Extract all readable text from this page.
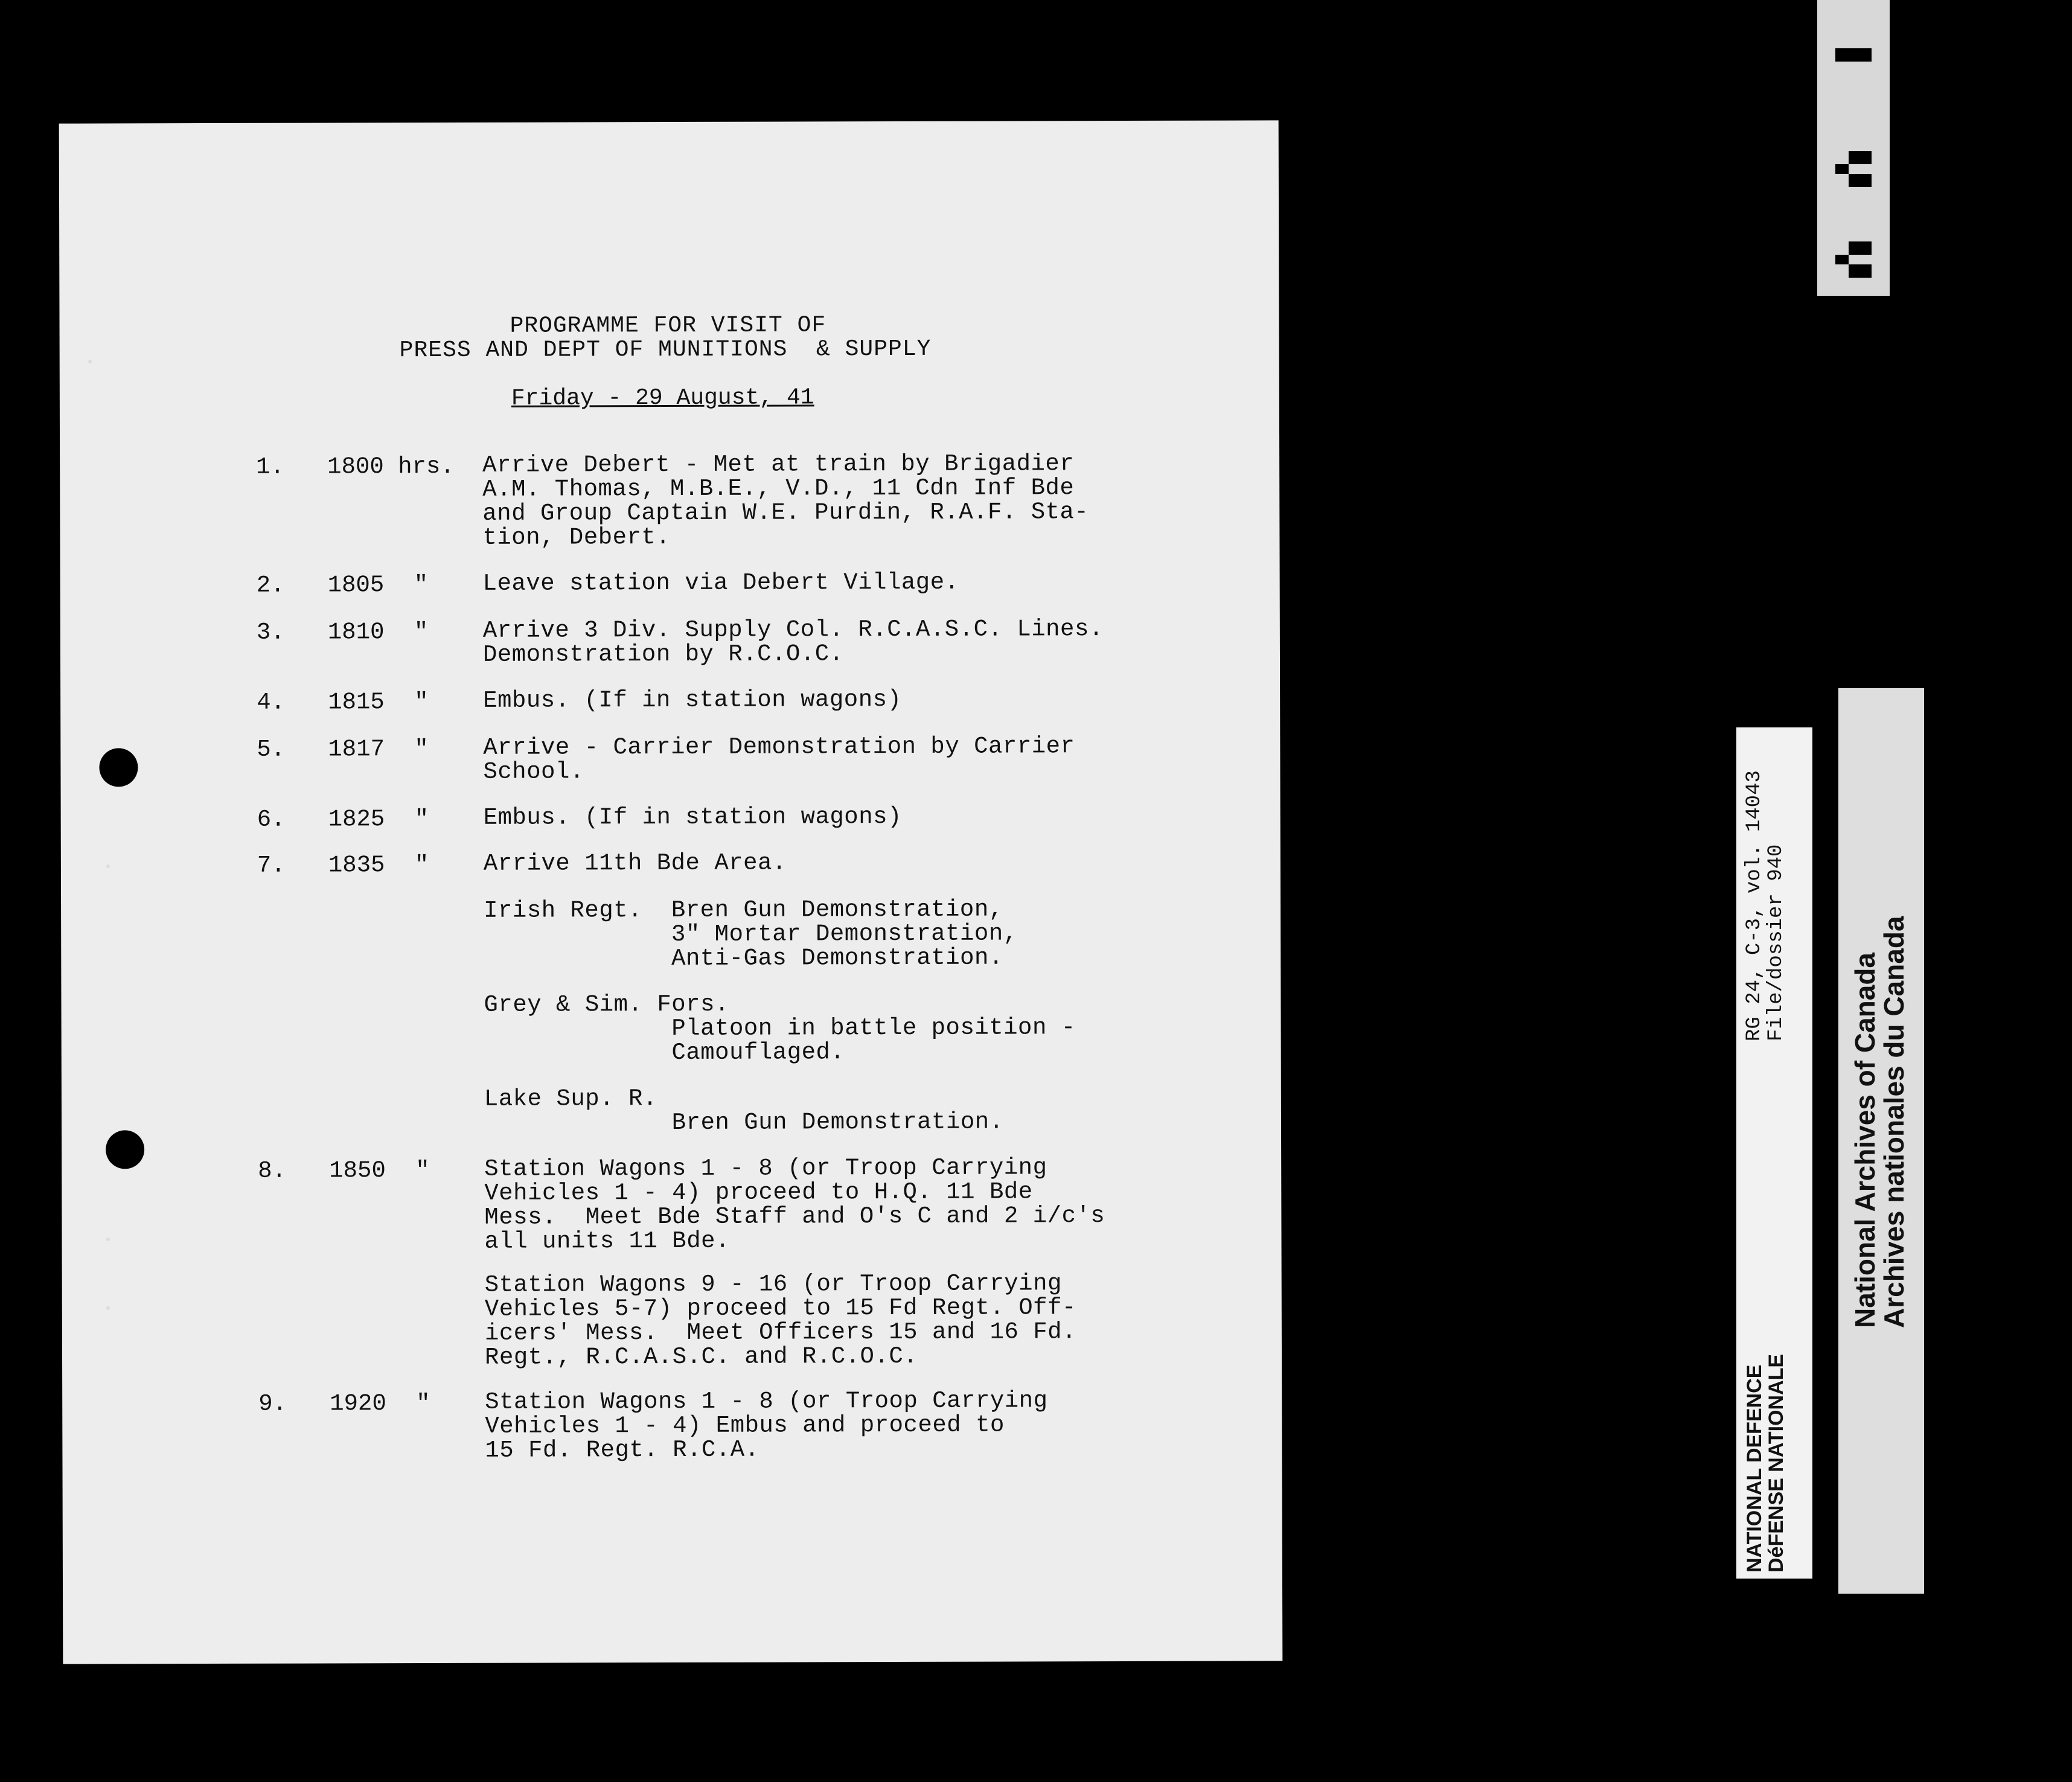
PROGRAMME FOR VISIT OF
PRESS AND DEPT OF MUNITIONS  & SUPPLY
Friday - 29 August, 41
1. 1800 hrs. Arrive Debert - Met at train by Brigadier
A.M. Thomas, M.B.E., V.D., 11 Cdn Inf Bde
and Group Captain W.E. Purdin, R.A.F. Sta-
tion, Debert.
2. 1805 " Leave station via Debert Village.
3. 1810 " Arrive 3 Div. Supply Col. R.C.A.S.C. Lines.
Demonstration by R.C.O.C.
4. 1815 " Embus. (If in station wagons)
5. 1817 " Arrive - Carrier Demonstration by Carrier
School.
6. 1825 " Embus. (If in station wagons)
7. 1835 " Arrive 11th Bde Area.
Irish Regt.  Bren Gun Demonstration,
3" Mortar Demonstration,
Anti-Gas Demonstration.
Grey & Sim. Fors.
Platoon in battle position -
Camouflaged.
Lake Sup. R.
Bren Gun Demonstration.
8. 1850 " Station Wagons 1 - 8 (or Troop Carrying
Vehicles 1 - 4) proceed to H.Q. 11 Bde
Mess.  Meet Bde Staff and O's C and 2 i/c's
all units 11 Bde.
Station Wagons 9 - 16 (or Troop Carrying
Vehicles 5-7) proceed to 15 Fd Regt. Off-
icers' Mess.  Meet Officers 15 and 16 Fd.
Regt., R.C.A.S.C. and R.C.O.C.
9. 1920 " Station Wagons 1 - 8 (or Troop Carrying
Vehicles 1 - 4) Embus and proceed to
15 Fd. Regt. R.C.A.	NATIONAL DEFENCE
DéFENSE NATIONALE
RG 24, C-3, vol. 14043
File/dossier 940
National Archives of Canada
Archives nationales du Canada
